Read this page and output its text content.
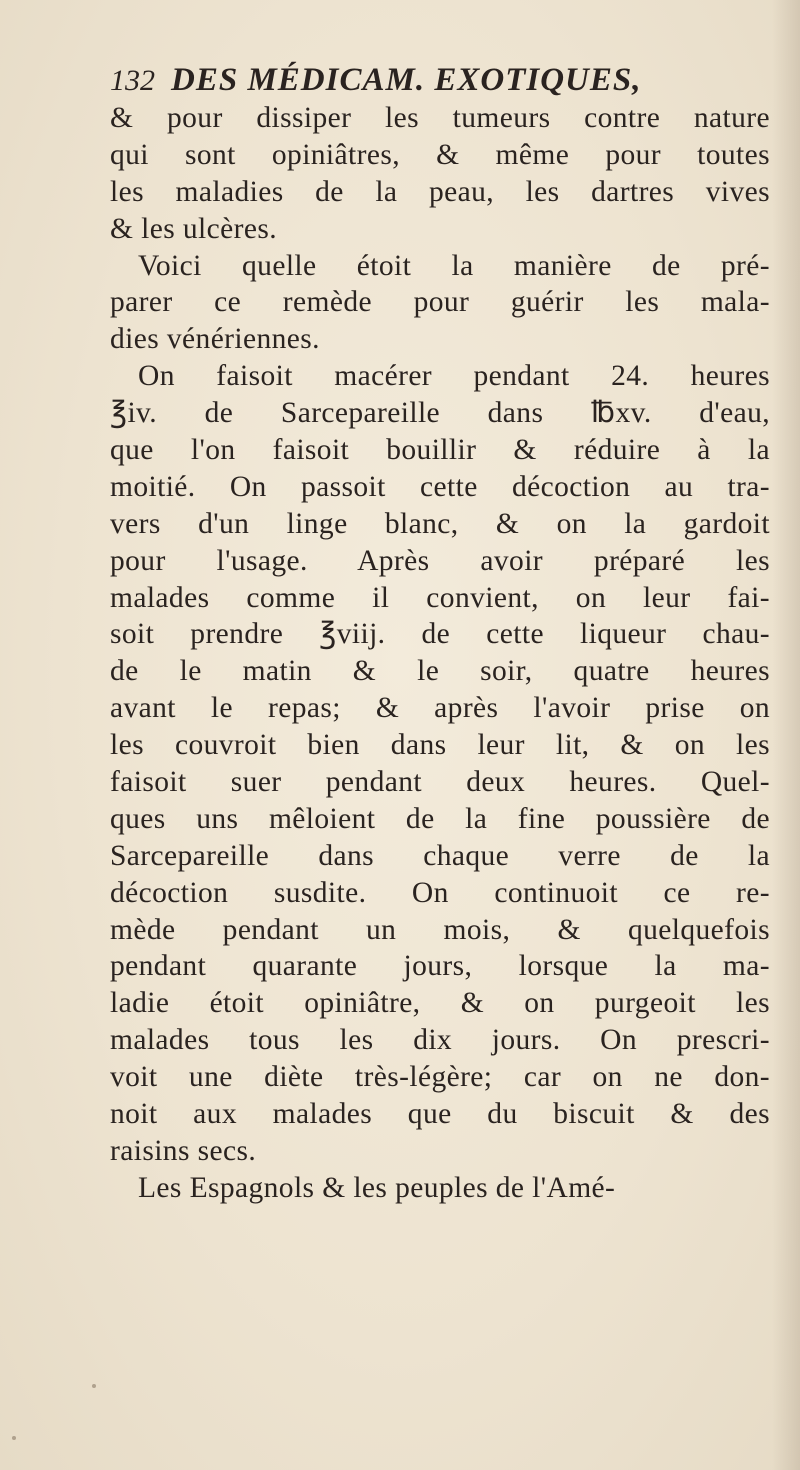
132 DES MÉDICAM. EXOTIQUES,
& pour dissiper les tumeurs contre nature
qui sont opiniâtres, & même pour toutes
les maladies de la peau, les dartres vives
& les ulcères.
Voici quelle étoit la manière de pré-
parer ce remède pour guérir les mala-
dies vénériennes.
On faisoit macérer pendant 24. heures
℥iv. de Sarcepareille dans ℔xv. d'eau,
que l'on faisoit bouillir & réduire à la
moitié. On passoit cette décoction au tra-
vers d'un linge blanc, & on la gardoit
pour l'usage. Après avoir préparé les
malades comme il convient, on leur fai-
soit prendre ℥viij. de cette liqueur chau-
de le matin & le soir, quatre heures
avant le repas; & après l'avoir prise on
les couvroit bien dans leur lit, & on les
faisoit suer pendant deux heures. Quel-
ques uns mêloient de la fine poussière de
Sarcepareille dans chaque verre de la
décoction susdite. On continuoit ce re-
mède pendant un mois, & quelquefois
pendant quarante jours, lorsque la ma-
ladie étoit opiniâtre, & on purgeoit les
malades tous les dix jours. On prescri-
voit une diète très-légère; car on ne don-
noit aux malades que du biscuit & des
raisins secs.
Les Espagnols & les peuples de l'Amé-
